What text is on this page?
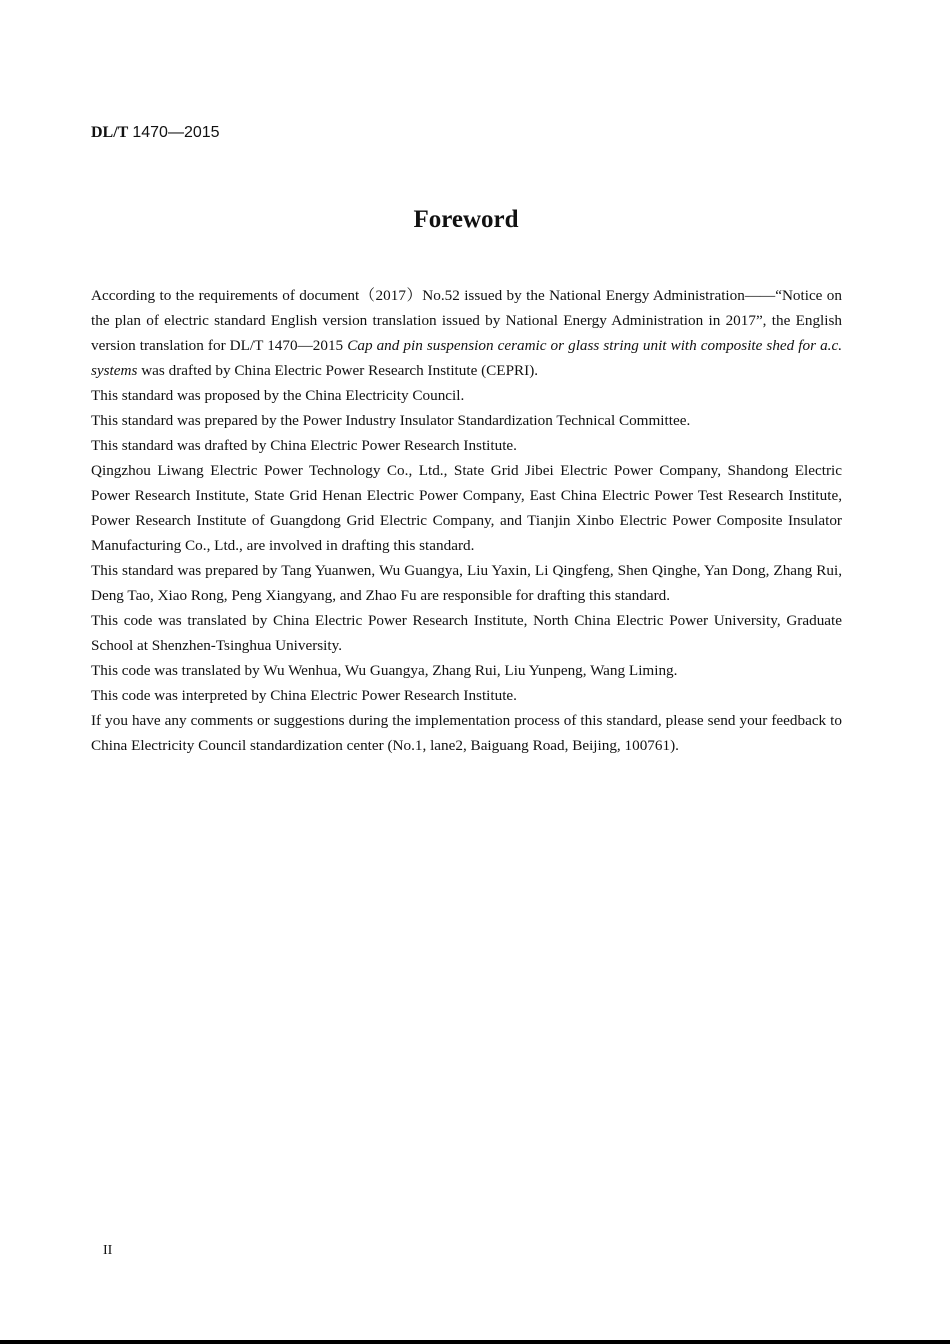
DL/T 1470—2015
Foreword

According to the requirements of document（2017）No.52 issued by the National Energy Administration——“Notice on the plan of electric standard English version translation issued by National Energy Administration in 2017”, the English version translation for DL/T 1470—2015 Cap and pin suspension ceramic or glass string unit with composite shed for a.c. systems was drafted by China Electric Power Research Institute (CEPRI).

This standard was proposed by the China Electricity Council.

This standard was prepared by the Power Industry Insulator Standardization Technical Committee.

This standard was drafted by China Electric Power Research Institute.

Qingzhou Liwang Electric Power Technology Co., Ltd., State Grid Jibei Electric Power Company, Shandong Electric Power Research Institute, State Grid Henan Electric Power Company, East China Electric Power Test Research Institute, Power Research Institute of Guangdong Grid Electric Company, and Tianjin Xinbo Electric Power Composite Insulator Manufacturing Co., Ltd., are involved in drafting this standard.

This standard was prepared by Tang Yuanwen, Wu Guangya, Liu Yaxin, Li Qingfeng, Shen Qinghe, Yan Dong, Zhang Rui, Deng Tao, Xiao Rong, Peng Xiangyang, and Zhao Fu are responsible for drafting this standard.

This code was translated by China Electric Power Research Institute, North China Electric Power University, Graduate School at Shenzhen-Tsinghua University.

This code was translated by Wu Wenhua, Wu Guangya, Zhang Rui, Liu Yunpeng, Wang Liming.

This code was interpreted by China Electric Power Research Institute.

If you have any comments or suggestions during the implementation process of this standard, please send your feedback to China Electricity Council standardization center (No.1, lane2, Baiguang Road, Beijing, 100761).

II
